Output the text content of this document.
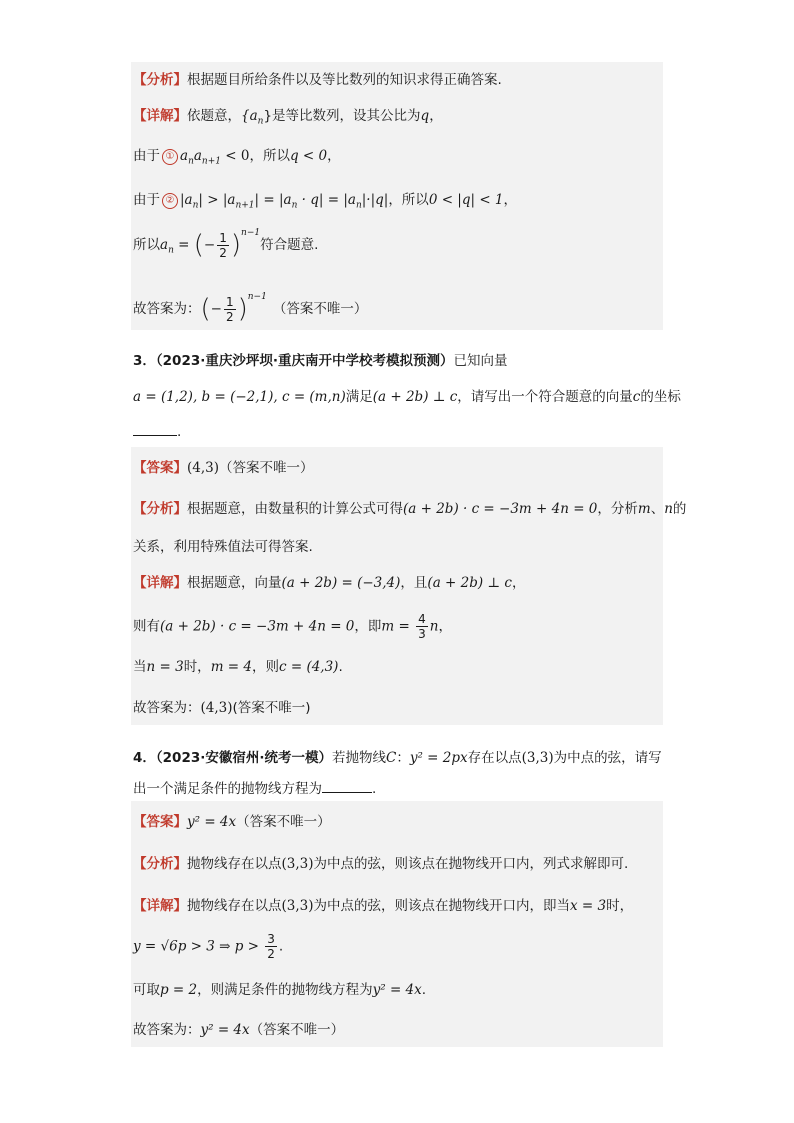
【分析】根据题目所给条件以及等比数列的知识求得正确答案.
【详解】依题意，$\{a_n\}$是等比数列，设其公比为q，
由于 ① $a_na_{n+1} < 0$，所以q < 0，
由于 ② $|a_n| > |a_{n+1}| = |a_n \cdot q| = |a_n|\cdot|q|$，所以0 < |q| < 1，
所以$a_n$ = (− $\frac{1}{2} )^{n-1}$符合题意.
故答案为：(− $\frac{1}{2} )^{n-1}$（答案不唯一）
3．（2023·重庆沙坪坝·重庆南开中学校考模拟预测）已知向量
a = (1,2), b = (−2,1), c = (m,n)满足(a + 2b) ⊥ c，请写出一个符合题意的向量c的坐标
.
【答案】(4,3)（答案不唯一）
【分析】根据题意，由数量积的计算公式可得(a + 2b) · c = −3m + 4n = 0，分析m、n的
关系，利用特殊值法可得答案.
【详解】根据题意，向量(a + 2b) = (−3,4)，且(a + 2b) ⊥ c，
则有(a + 2b) · c = −3m + 4n = 0，即$m = \frac{4}{3}$ n，
当n = 3时，m = 4，则c = (4,3).
故答案为：(4,3)(答案不唯一)
4．（2023·安徽宿州·统考一模）若抛物线C：y² = 2px存在以点(3,3)为中点的弦，请写
出一个满足条件的抛物线方程为	.
【答案】y² = 4x（答案不唯一）
【分析】抛物线存在以点(3,3)为中点的弦，则该点在抛物线开口内，列式求解即可.
【详解】抛物线存在以点(3,3)为中点的弦，则该点在抛物线开口内，即当x = 3时，
y = √6p > 3 ⇒ $p > \frac{3}{2}$ .
可取p = 2，则满足条件的抛物线方程为y² = 4x.
故答案为：y² = 4x（答案不唯一）
